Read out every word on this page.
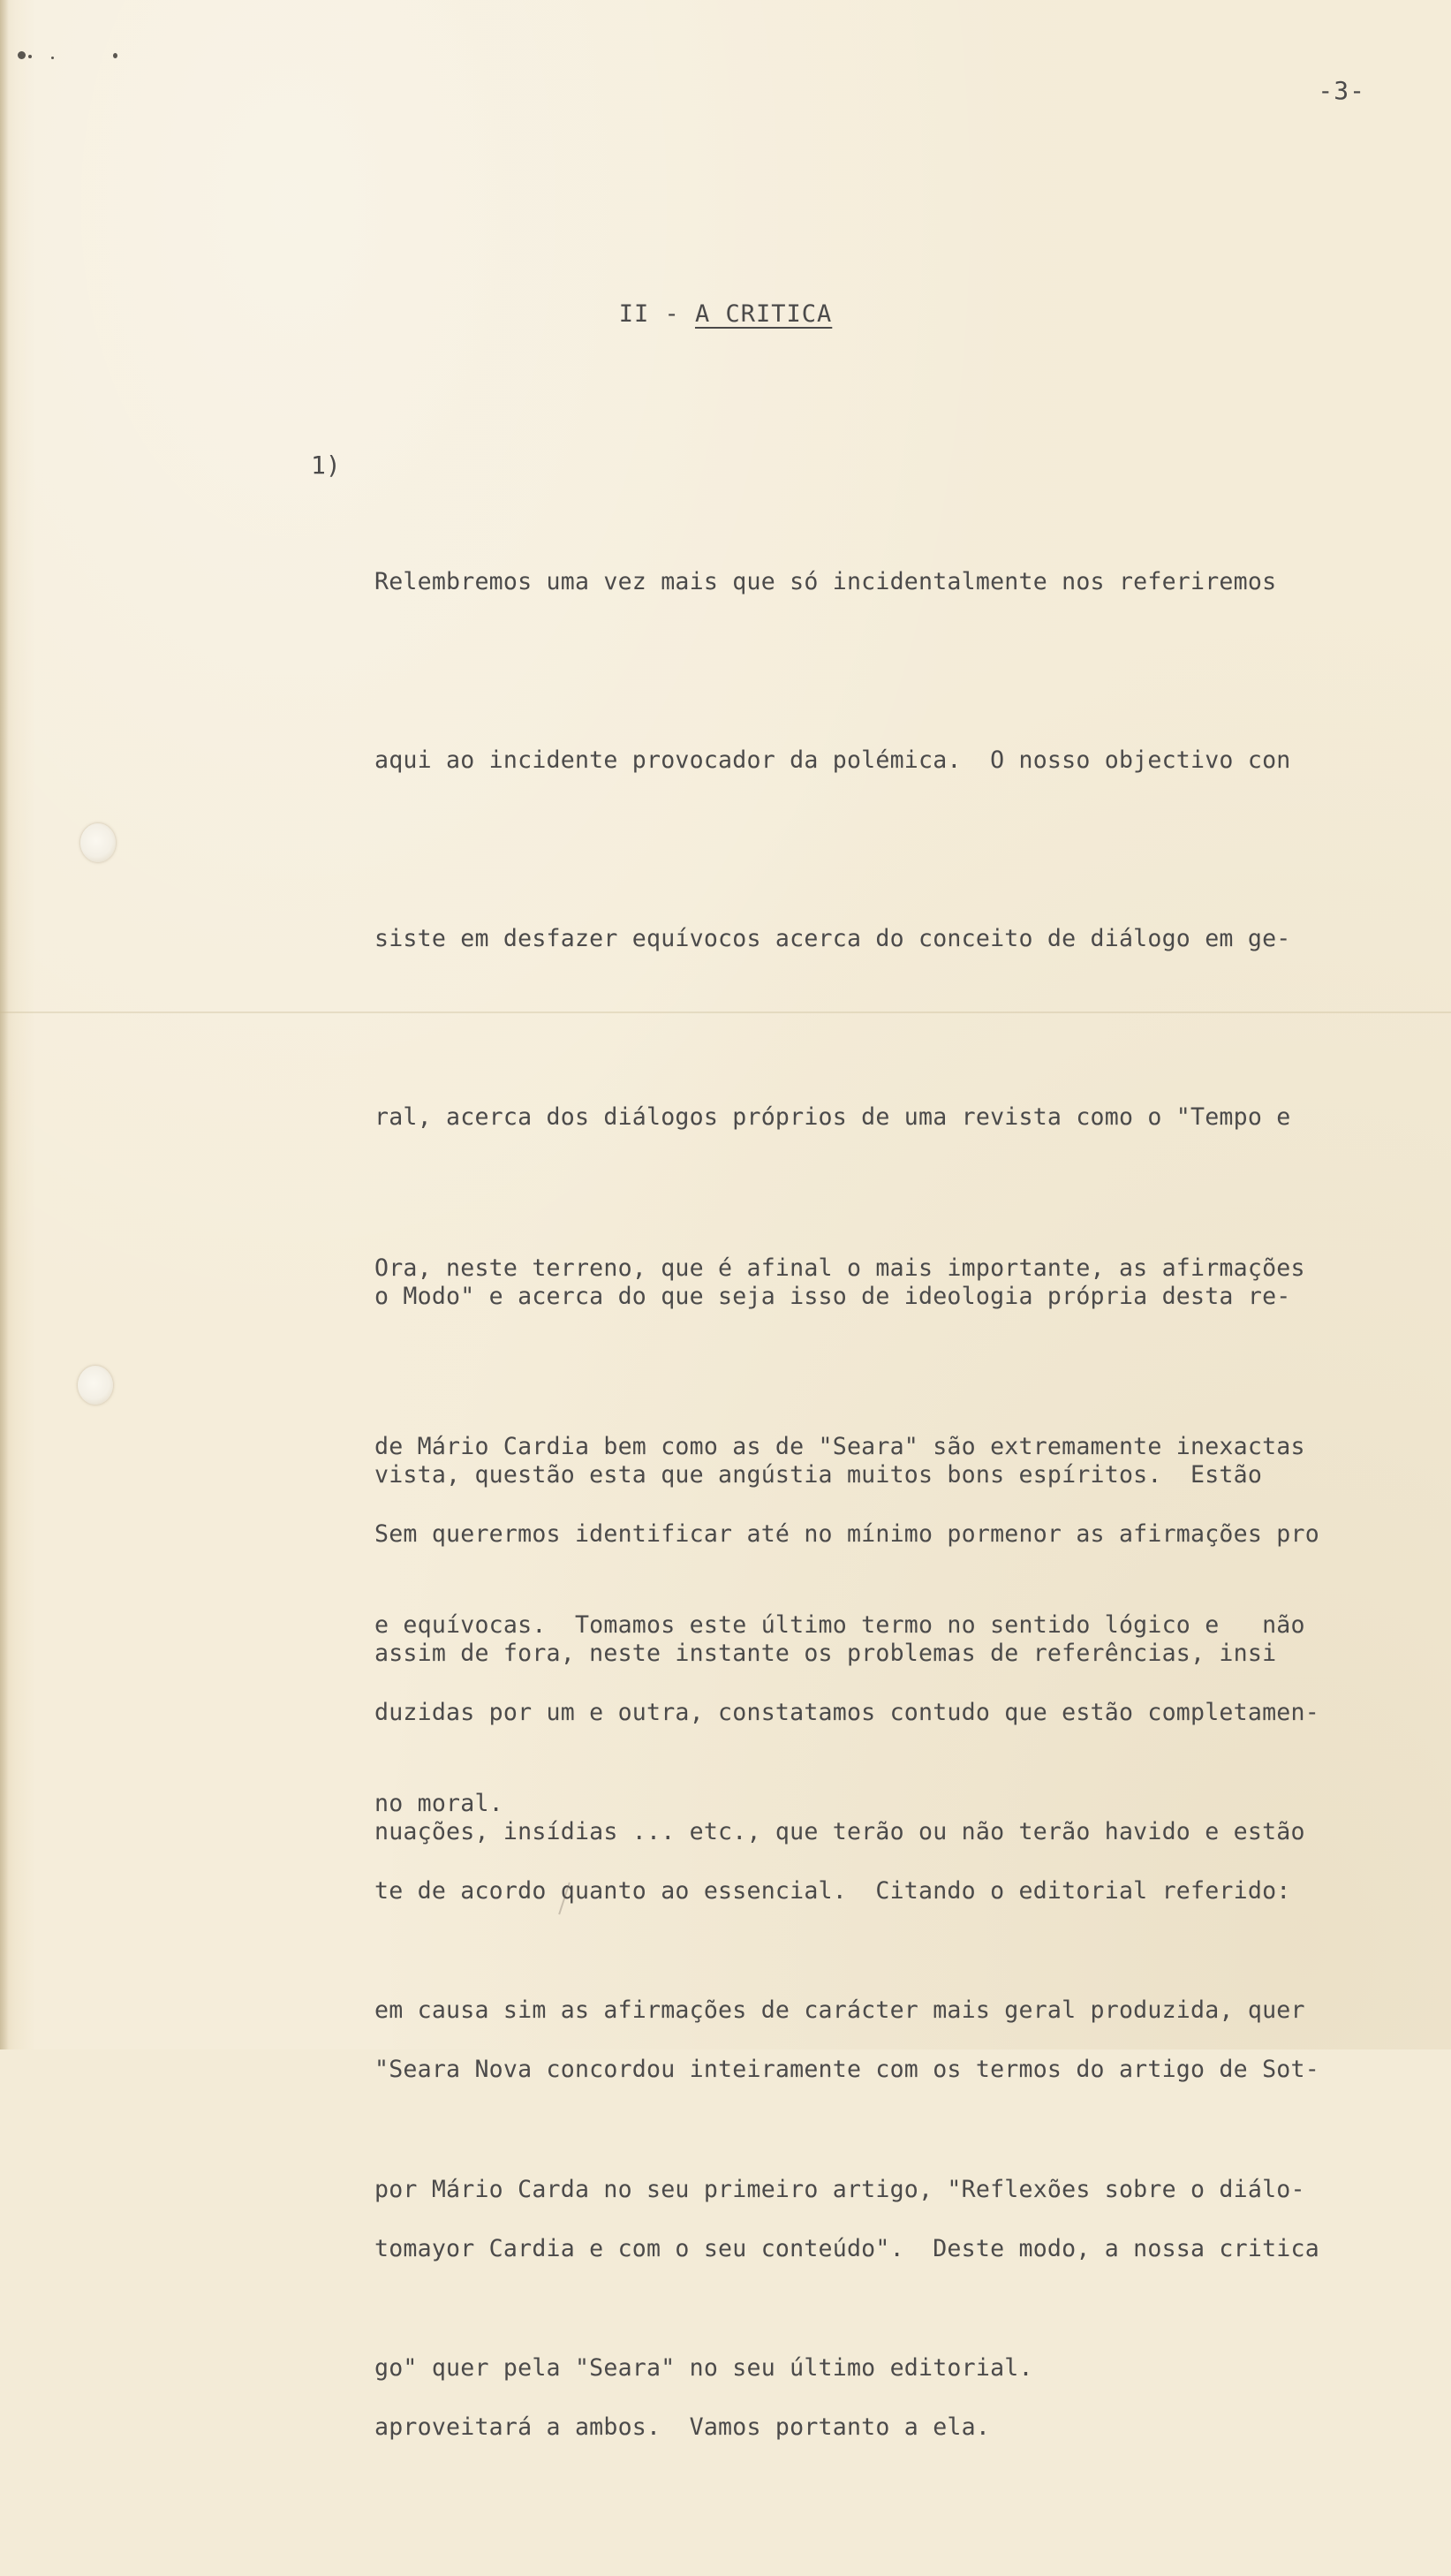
-3-
II - A CRITICA
1)

Relembremos uma vez mais que só incidentalmente nos referiremos

aqui ao incidente provocador da polémica.  O nosso objectivo con

siste em desfazer equívocos acerca do conceito de diálogo em ge-

ral, acerca dos diálogos próprios de uma revista como o "Tempo e

o Modo" e acerca do que seja isso de ideologia própria desta re-

vista, questão esta que angústia muitos bons espíritos.  Estão

assim de fora, neste instante os problemas de referências, insi

nuações, insídias ... etc., que terão ou não terão havido e estão

em causa sim as afirmações de carácter mais geral produzida, quer

por Mário Carda no seu primeiro artigo, "Reflexões sobre o diálo-

go" quer pela "Seara" no seu último editorial.

Ora, neste terreno, que é afinal o mais importante, as afirmações

de Mário Cardia bem como as de "Seara" são extremamente inexactas

e equívocas.  Tomamos este último termo no sentido lógico e   não

no moral.

Sem querermos identificar até no mínimo pormenor as afirmações pro

duzidas por um e outra, constatamos contudo que estão completamen-

te de acordo quanto ao essencial.  Citando o editorial referido:

"Seara Nova concordou inteiramente com os termos do artigo de Sot-

tomayor Cardia e com o seu conteúdo".  Deste modo, a nossa critica

aproveitará a ambos.  Vamos portanto a ela.
